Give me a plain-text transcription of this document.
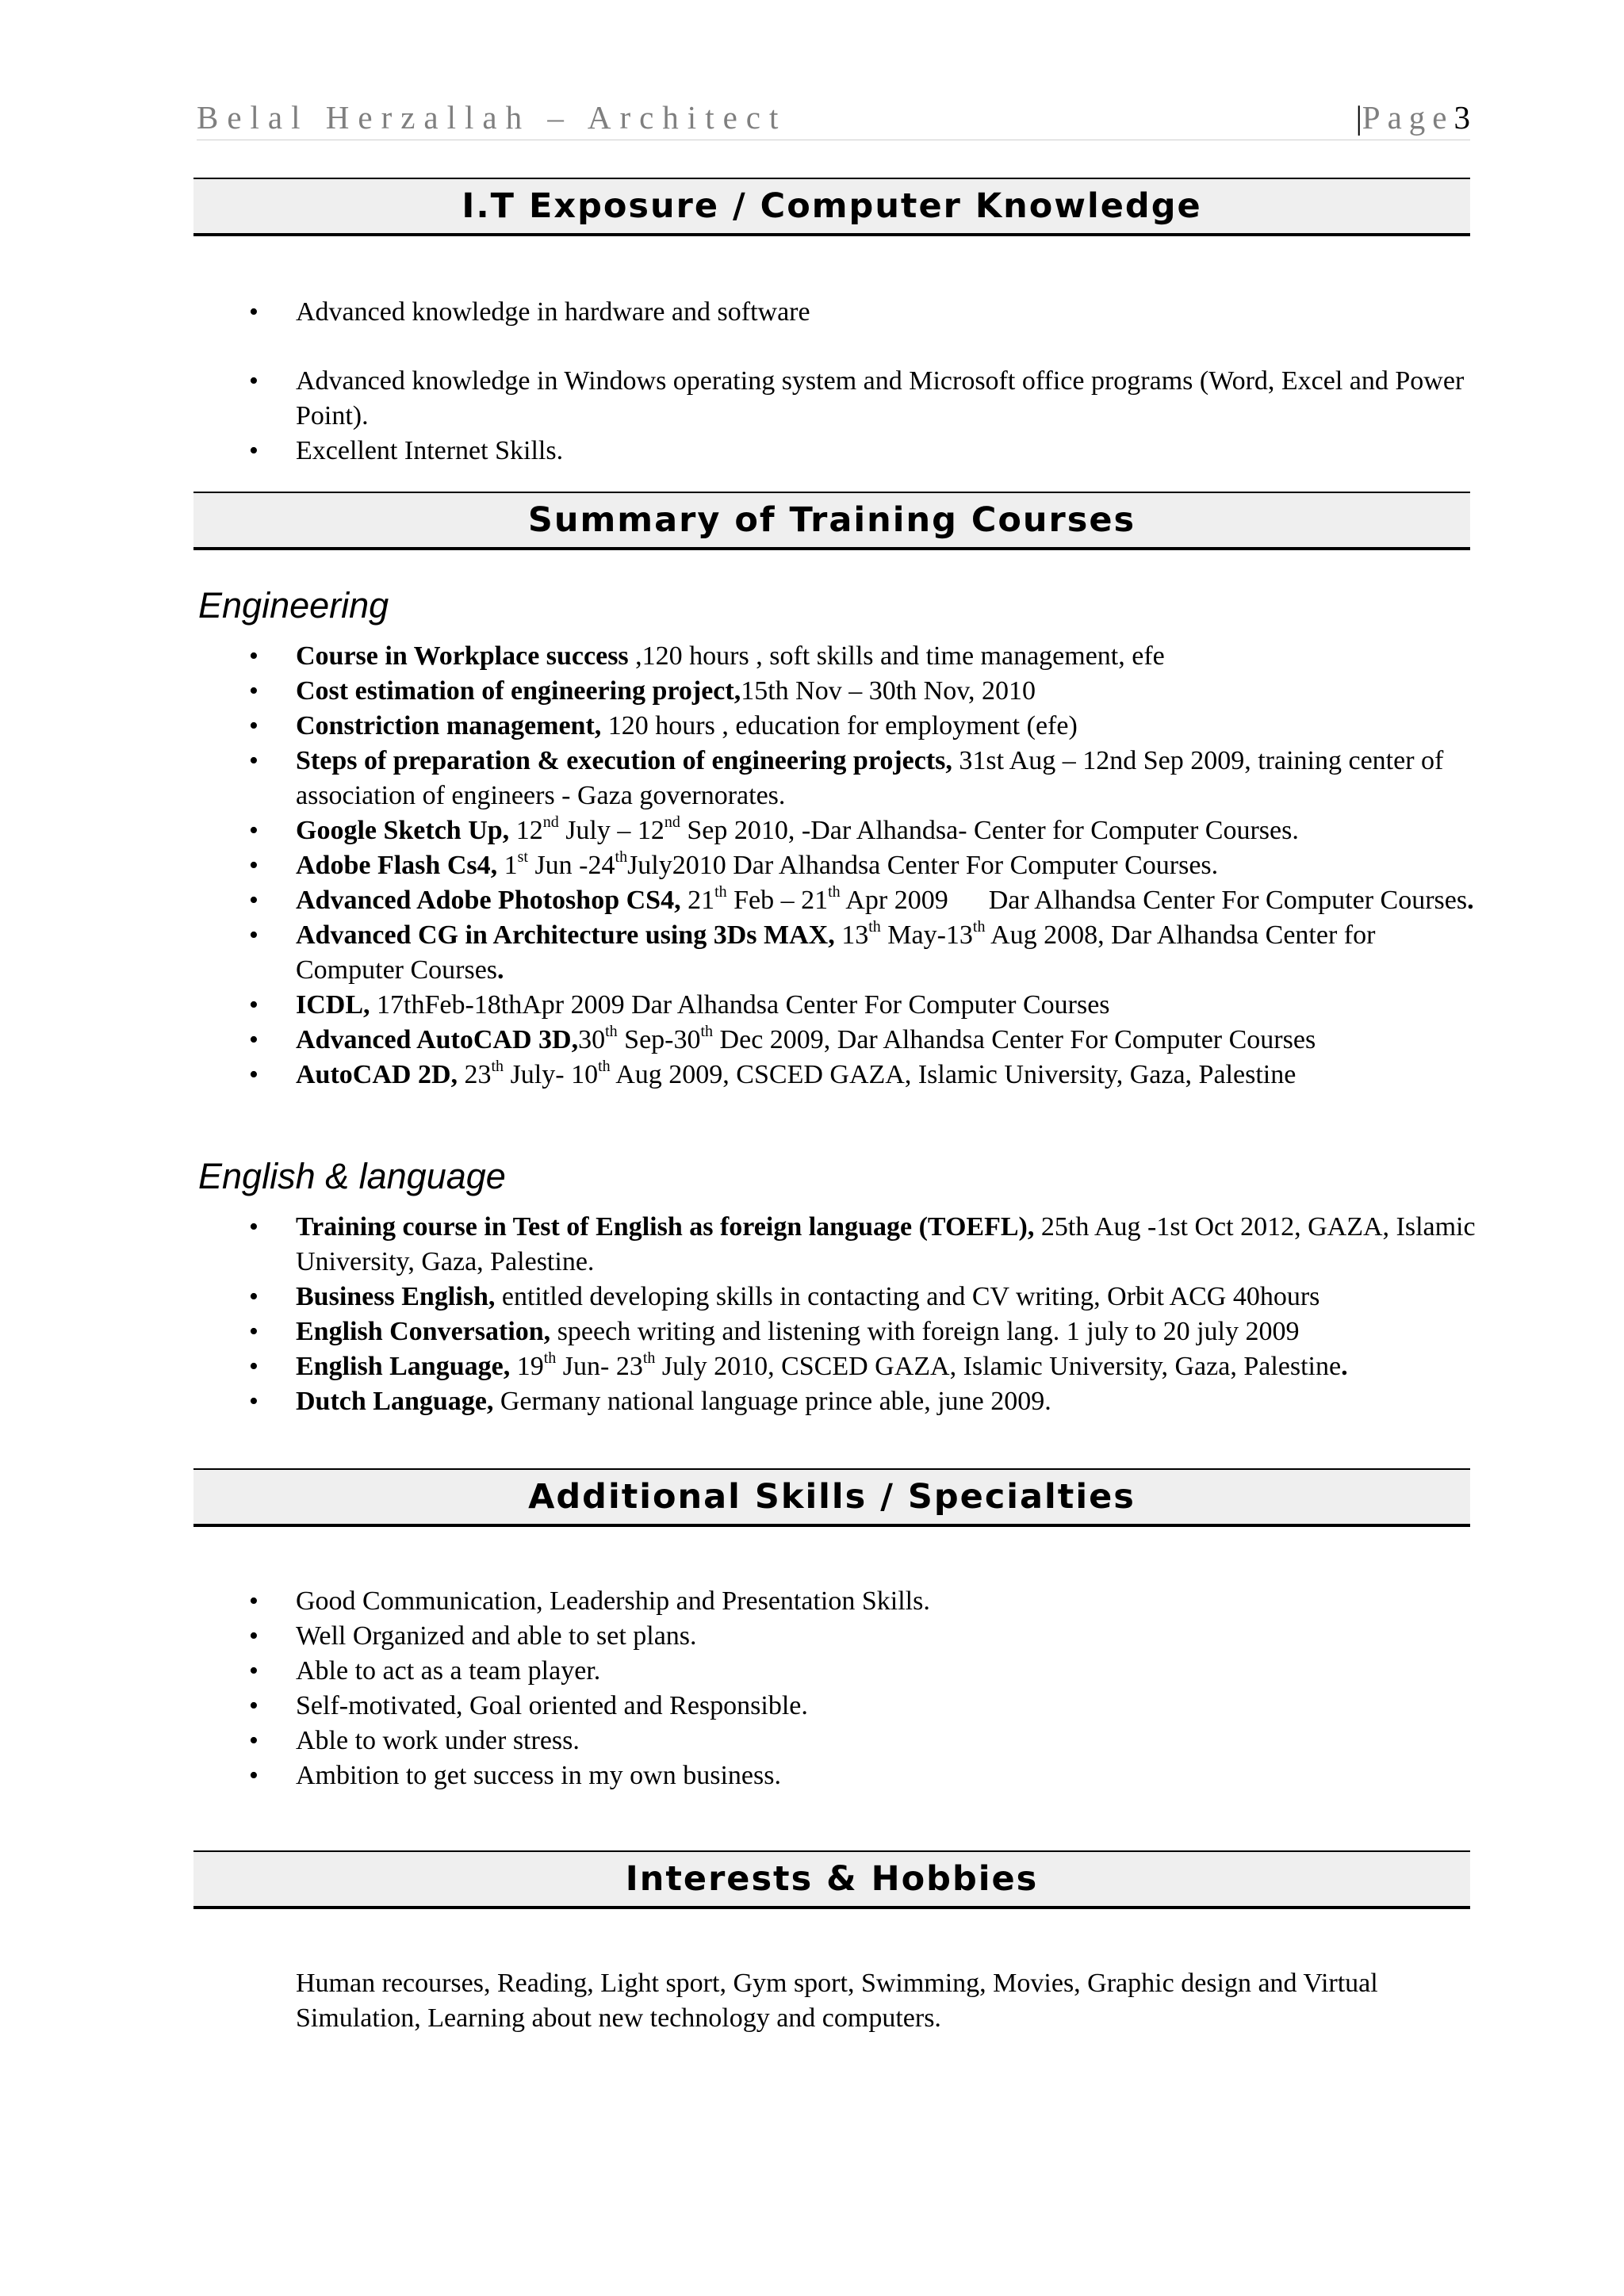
Belal Herzallah – Architect	|Page3
I.T Exposure / Computer Knowledge
• Advanced knowledge in hardware and software
• Advanced knowledge in Windows operating system and Microsoft office programs (Word, Excel and Power Point).
• Excellent Internet Skills.
Summary of Training Courses
Engineering
• Course in Workplace success ,120 hours , soft skills and time management, efe
• Cost estimation of engineering project,15th Nov – 30th Nov, 2010
• Constriction management, 120 hours , education for employment (efe)
• Steps of preparation & execution of engineering projects, 31st Aug – 12nd Sep 2009, training center of association of engineers - Gaza governorates.
• Google Sketch Up, 12nd July – 12nd Sep 2010, -Dar Alhandsa- Center for Computer Courses.
• Adobe Flash Cs4, 1st Jun -24thJuly2010 Dar Alhandsa Center For Computer Courses.
• Advanced Adobe Photoshop CS4, 21th Feb – 21th Apr 2009      Dar Alhandsa Center For Computer Courses.
• Advanced CG in Architecture using 3Ds MAX, 13th May-13th Aug 2008, Dar Alhandsa Center for Computer Courses.
• ICDL, 17thFeb-18thApr 2009 Dar Alhandsa Center For Computer Courses
• Advanced AutoCAD 3D,30th Sep-30th Dec 2009, Dar Alhandsa Center For Computer Courses
• AutoCAD 2D, 23th July- 10th Aug 2009, CSCED GAZA, Islamic University, Gaza, Palestine
English & language
• Training course in Test of English as foreign language (TOEFL), 25th Aug -1st Oct 2012, GAZA, Islamic University, Gaza, Palestine.
• Business English, entitled developing skills in contacting and CV writing, Orbit ACG 40hours
• English Conversation, speech writing and listening with foreign lang. 1 july to 20 july 2009
• English Language, 19th Jun- 23th July 2010, CSCED GAZA, Islamic University, Gaza, Palestine.
• Dutch Language, Germany national language prince able, june 2009.
Additional Skills / Specialties
• Good Communication, Leadership and Presentation Skills.
• Well Organized and able to set plans.
• Able to act as a team player.
• Self-motivated, Goal oriented and Responsible.
• Able to work under stress.
• Ambition to get success in my own business.
Interests & Hobbies
Human recourses, Reading, Light sport, Gym sport, Swimming, Movies, Graphic design and Virtual Simulation, Learning about new technology and computers.
